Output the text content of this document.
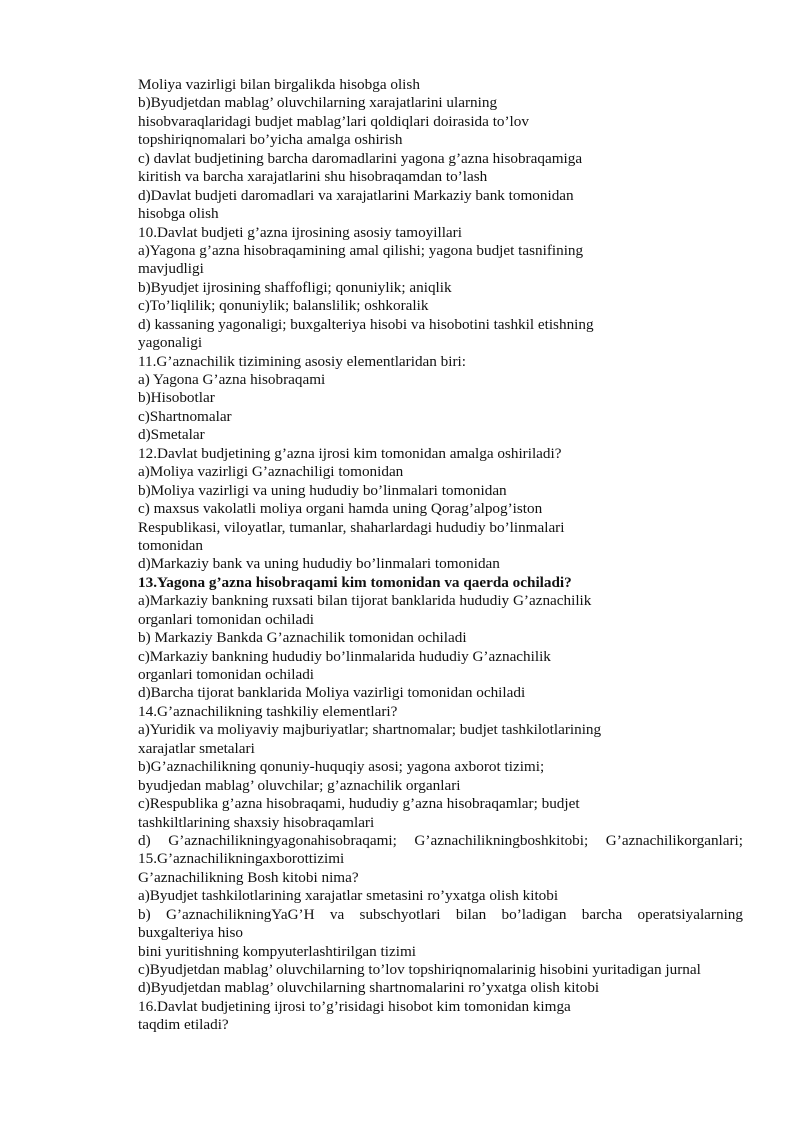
Moliya vazirligi bilan birgalikda hisobga olish
b)Byudjetdan mablag’ oluvchilarning xarajatlarini ularning
hisobvaraqlaridagi budjet mablag’lari qoldiqlari doirasida to’lov
topshiriqnomalari bo’yicha amalga oshirish
c) davlat budjetining barcha daromadlarini yagona g’azna hisobraqamiga
kiritish va barcha xarajatlarini shu hisobraqamdan to’lash
d)Davlat budjeti daromadlari va xarajatlarini Markaziy bank tomonidan
hisobga olish
10.Davlat budjeti g’azna ijrosining asosiy tamoyillari
a)Yagona g’azna hisobraqamining amal qilishi; yagona budjet tasnifining
mavjudligi
b)Byudjet ijrosining shaffofligi; qonuniylik; aniqlik
c)To’liqlilik; qonuniylik; balanslilik; oshkoralik
d) kassaning yagonaligi; buxgalteriya hisobi va hisobotini tashkil etishning
yagonaligi
11.G’aznachilik tizimining asosiy elementlaridan biri:
a) Yagona G’azna hisobraqami
b)Hisobotlar
c)Shartnomalar
d)Smetalar
12.Davlat budjetining g’azna ijrosi kim tomonidan amalga oshiriladi?
a)Moliya vazirligi G’aznachiligi tomonidan
b)Moliya vazirligi va uning hududiy bo’linmalari tomonidan
c) maxsus vakolatli moliya organi hamda uning Qorag’alpog’iston
Respublikasi, viloyatlar, tumanlar, shaharlardagi hududiy bo’linmalari
tomonidan
d)Markaziy bank va uning hududiy bo’linmalari tomonidan
13.Yagona g’azna hisobraqami kim tomonidan va qaerda ochiladi?
a)Markaziy bankning ruxsati bilan tijorat banklarida hududiy G’aznachilik
organlari tomonidan ochiladi
b) Markaziy Bankda G’aznachilik tomonidan ochiladi
c)Markaziy bankning hududiy bo’linmalarida hududiy G’aznachilik
organlari tomonidan ochiladi
d)Barcha tijorat banklarida Moliya vazirligi tomonidan ochiladi
14.G’aznachilikning tashkiliy elementlari?
a)Yuridik va moliyaviy majburiyatlar; shartnomalar; budjet tashkilotlarining
xarajatlar smetalari
b)G’aznachilikning qonuniy-huquqiy asosi; yagona axborot tizimi;
byudjedan mablag’ oluvchilar; g’aznachilik organlari
c)Respublika g’azna hisobraqami, hududiy g’azna hisobraqamlar; budjet
tashkiltlarining shaxsiy hisobraqamlari
d) G’aznachilikningyagonahisobraqami; G’aznachilikningboshkitobi; G’aznachilikorganlari;
15.G’aznachilikningaxborottizimi
G’aznachilikning Bosh kitobi nima?
a)Byudjet tashkilotlarining xarajatlar smetasini ro’yxatga olish kitobi
b) G’aznachilikningYaG’H va subschyotlari bilan bo’ladigan barcha operatsiyalarning
buxgalteriya hiso
bini yuritishning kompyuterlashtirilgan tizimi
c)Byudjetdan mablag’ oluvchilarning to’lov topshiriqnomalarinig hisobini yuritadigan jurnal
d)Byudjetdan mablag’ oluvchilarning shartnomalarini ro’yxatga olish kitobi
16.Davlat budjetining ijrosi to’g’risidagi hisobot kim tomonidan kimga
taqdim etiladi?
